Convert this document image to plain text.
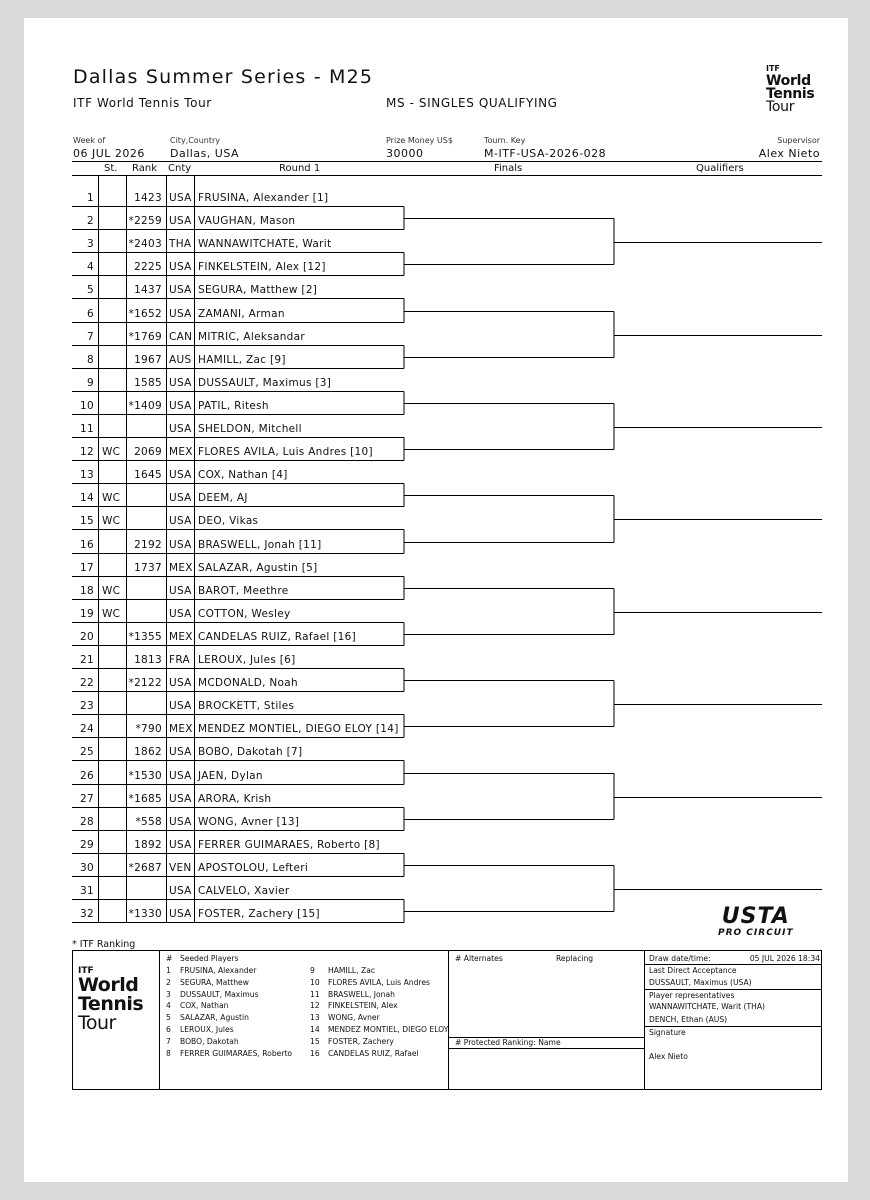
Dallas Summer Series - M25
ITF World Tennis Tour	MS - SINGLES QUALIFYING
ITF
World
Tennis
Tour
Week of
06 JUL 2026
City,Country
Dallas, USA
Prize Money US$
30000
Tourn. Key
M-ITF-USA-2026-028
Supervisor
Alex Nieto
St. Rank Cnty	Round 1	Finals	Qualifiers
1	1423 USA FRUSINA, Alexander [1]
2	*2259 USA VAUGHAN, Mason
3	*2403 THA WANNAWITCHATE, Warit
4	2225 USA FINKELSTEIN, Alex [12]
5	1437 USA SEGURA, Matthew [2]
6	*1652 USA ZAMANI, Arman
7	*1769 CAN MITRIC, Aleksandar
8	1967 AUS HAMILL, Zac [9]
9	1585 USA DUSSAULT, Maximus [3]
10	*1409 USA PATIL, Ritesh
11	USA SHELDON, Mitchell
12 WC	2069 MEX FLORES AVILA, Luis Andres [10]
13	1645 USA COX, Nathan [4]
14 WC	USA DEEM, AJ
15 WC	USA DEO, Vikas
16	2192 USA BRASWELL, Jonah [11]
17	1737 MEX SALAZAR, Agustin [5]
18 WC	USA BAROT, Meethre
19 WC	USA COTTON, Wesley
20	*1355 MEX CANDELAS RUIZ, Rafael [16]
21	1813 FRA LEROUX, Jules [6]
22	*2122 USA MCDONALD, Noah
23	USA BROCKETT, Stiles
24	*790 MEX MENDEZ MONTIEL, DIEGO ELOY [14]
25	1862 USA BOBO, Dakotah [7]
26	*1530 USA JAEN, Dylan
27	*1685 USA ARORA, Krish
28	*558 USA WONG, Avner [13]
29	1892 USA FERRER GUIMARAES, Roberto [8]
30	*2687 VEN APOSTOLOU, Lefteri
31	USA CALVELO, Xavier
32	*1330 USA FOSTER, Zachery [15]	USTA
PRO CIRCUIT
* ITF Ranking
ITF
World
Tennis
Tour
# Seeded Players
1 FRUSINA, Alexander
2 SEGURA, Matthew
3 DUSSAULT, Maximus
4 COX, Nathan
5 SALAZAR, Agustin
6 LEROUX, Jules
7 BOBO, Dakotah
8 FERRER GUIMARAES, Roberto
9 HAMILL, Zac
10 FLORES AVILA, Luis Andres
11 BRASWELL, Jonah
12 FINKELSTEIN, Alex
13 WONG, Avner
14 MENDEZ MONTIEL, DIEGO ELOY
15 FOSTER, Zachery
16 CANDELAS RUIZ, Rafael
# Alternates	Replacing
# Protected Ranking: Name
Draw date/time:	05 JUL 2026 18:34
Last Direct Acceptance
DUSSAULT, Maximus (USA)
Player representatives
WANNAWITCHATE, Warit (THA)
DENCH, Ethan (AUS)
Signature
Alex Nieto
